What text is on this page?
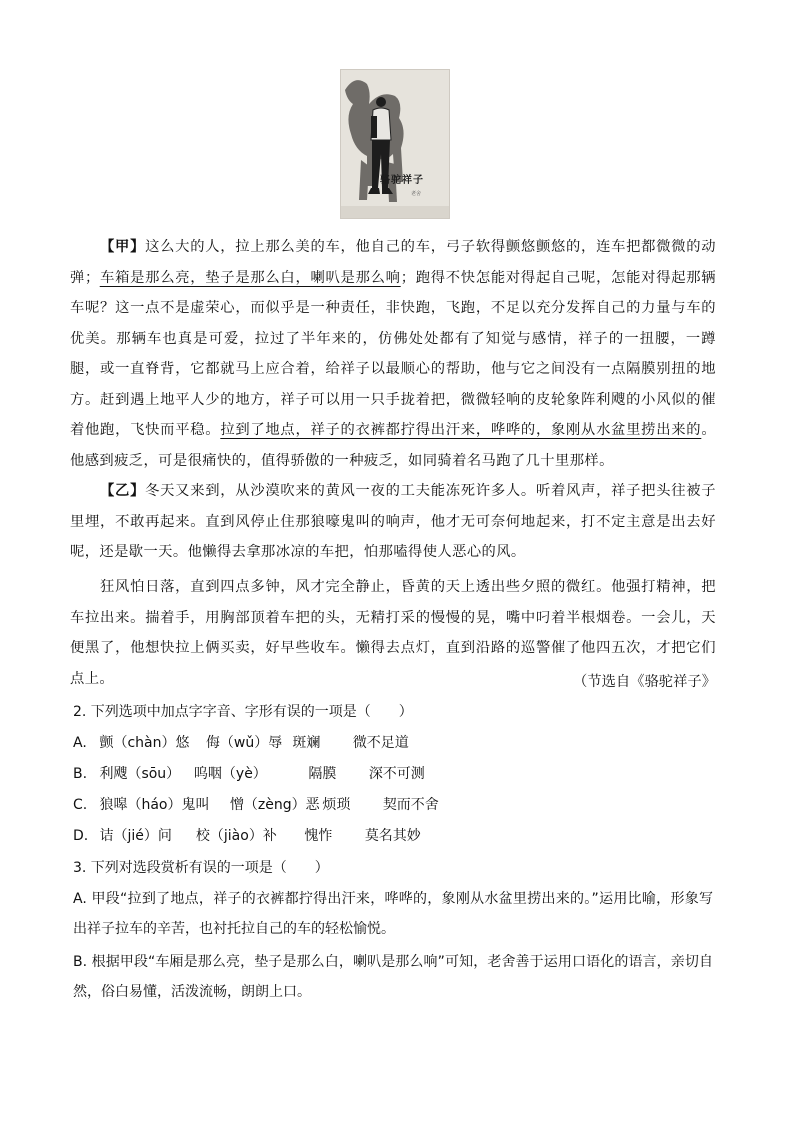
骆驼祥子
老舍

【甲】这么大的人，拉上那么美的车，他自己的车，弓子软得颤悠颤悠的，连车把都微微的动弹；车箱是那么亮，垫子是那么白，喇叭是那么响；跑得不快怎能对得起自己呢，怎能对得起那辆车呢？这一点不是虚荣心，而似乎是一种责任，非快跑，飞跑，不足以充分发挥自己的力量与车的优美。那辆车也真是可爱，拉过了半年来的，仿佛处处都有了知觉与感情，祥子的一扭腰，一蹲腿，或一直脊背，它都就马上应合着，给祥子以最顺心的帮助，他与它之间没有一点隔膜别扭的地方。赶到遇上地平人少的地方，祥子可以用一只手拢着把，微微轻响的皮轮象阵利飕的小风似的催着他跑，飞快而平稳。拉到了地点，祥子的衣裤都拧得出汗来，哗哗的，象刚从水盆里捞出来的。他感到疲乏，可是很痛快的，值得骄傲的一种疲乏，如同骑着名马跑了几十里那样。

【乙】冬天又来到，从沙漠吹来的黄风一夜的工夫能冻死许多人。听着风声，祥子把头往被子里埋，不敢再起来。直到风停止住那狼嚎鬼叫的响声，他才无可奈何地起来，打不定主意是出去好呢，还是歇一天。他懒得去拿那冰凉的车把，怕那嗑得使人恶心的风。

狂风怕日落，直到四点多钟，风才完全静止，昏黄的天上透出些夕照的微红。他强打精神，把车拉出来。揣着手，用胸部顶着车把的头，无精打采的慢慢的晃，嘴中叼着半根烟卷。一会儿，天便黑了，他想快拉上俩买卖，好早些收车。懒得去点灯，直到沿路的巡警催了他四五次，才把它们点上。	（节选自《骆驼祥子》
2. 下列选项中加点字字音、字形有误的一项是（　　）
A. 颤（chàn）悠 侮（wǔ）辱 斑斓 微不足道
B. 利飕（sōu） 呜咽（yè）	隔膜 深不可测
C. 狼嗥（háo）鬼叫 憎（zèng）恶 烦琐 契而不舍
D. 诘（jié）问 校（jiào）补 愧怍 莫名其妙
3. 下列对选段赏析有误的一项是（　　）

A. 甲段“拉到了地点，祥子的衣裤都拧得出汗来，哗哗的，象刚从水盆里捞出来的。”运用比喻，形象写出祥子拉车的辛苦，也衬托拉自己的车的轻松愉悦。

B. 根据甲段“车厢是那么亮，垫子是那么白，喇叭是那么响”可知，老舍善于运用口语化的语言，亲切自然，俗白易懂，活泼流畅，朗朗上口。
